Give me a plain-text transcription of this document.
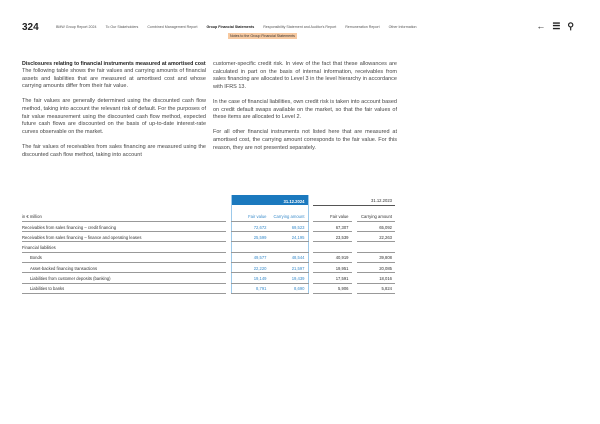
324	BMW Group Report 2024	To Our Stakeholders	Combined Management Report	Group Financial Statements	Responsibility Statement and Auditor's Report	Remuneration Report	Other Information
Notes to the Group Financial Statements
← ☰ ⚲
Disclosures relating to financial instruments measured at amortised cost

The following table shows the fair values and carrying amounts of financial assets and liabilities that are measured at amortised cost and whose carrying amounts differ from their fair value.

The fair values are generally determined using the discounted cash flow method, taking into account the relevant risk of default. For the purposes of fair value measurement using the discounted cash flow method, expected future cash flows are discounted on the basis of up-to-date interest-rate curves observable on the market.

The fair values of receivables from sales financing are measured using the discounted cash flow method, taking into account

customer-specific credit risk. In view of the fact that these allowances are calculated in part on the basis of internal information, receivables from sales financing are allocated to Level 3 in the level hierarchy in accordance with IFRS 13.

In the case of financial liabilities, own credit risk is taken into account based on credit default swaps available on the market, so that the fair values of these items are allocated to Level 2.

For all other financial instruments not listed here that are measured at amortised cost, the carrying amount corresponds to the fair value. For this reason, they are not presented separately.

		31.12.2024			31.12.2023		
in € million		Fair value	Carrying amount		Fair value		Carrying amount
Receivables from sales financing – credit financing		72,672	69,523		67,307		65,092
Receivables from sales financing – finance and operating leases		25,599	24,195		23,539		22,263
Financial liabilities							
Bonds		49,577	48,544		40,919		39,808
Asset-backed financing transactions		22,220	21,597		19,951		20,085
Liabilities from customer deposits (banking)		19,149	19,439		17,591		18,016
Liabilities to banks		8,791	8,690		5,906		5,824
